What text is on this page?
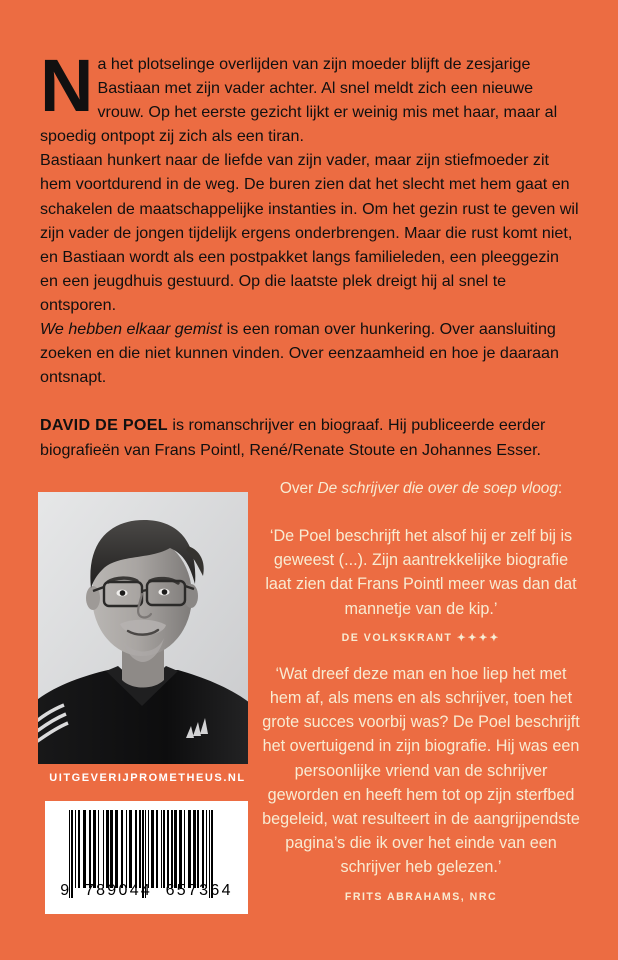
N a het plotselinge overlijden van zijn moeder blijft de zesjarige Bastiaan met zijn vader achter. Al snel meldt zich een nieuwe vrouw. Op het eerste gezicht lijkt er weinig mis met haar, maar al spoedig ontpopt zij zich als een tiran.

Bastiaan hunkert naar de liefde van zijn vader, maar zijn stiefmoeder zit hem voortdurend in de weg. De buren zien dat het slecht met hem gaat en schakelen de maatschappelijke instanties in. Om het gezin rust te geven wil zijn vader de jongen tijdelijk ergens onderbrengen. Maar die rust komt niet, en Bastiaan wordt als een postpakket langs familieleden, een pleeggezin en een jeugdhuis gestuurd. Op die laatste plek dreigt hij al snel te ontsporen.

We hebben elkaar gemist is een roman over hunkering. Over aansluiting zoeken en die niet kunnen vinden. Over eenzaamheid en hoe je daaraan ontsnapt.

DAVID DE POEL is romanschrijver en biograaf. Hij publiceerde eerder biografieën van Frans Pointl, René/Renate Stoute en Johannes Esser.

UITGEVERIJPROMETHEUS.NL
9  789044  657364
Over De schrijver die over de soep vloog:
‘De Poel beschrijft het alsof hij er zelf bij is geweest (...). Zijn aantrekkelijke biografie laat zien dat Frans Pointl meer was dan dat mannetje van de kip.’
DE VOLKSKRANT ✦✦✦✦
‘Wat dreef deze man en hoe liep het met hem af, als mens en als schrijver, toen het grote succes voorbij was? De Poel beschrijft het overtuigend in zijn biografie. Hij was een persoonlijke vriend van de schrijver geworden en heeft hem tot op zijn sterfbed begeleid, wat resulteert in de aangrijpendste pagina’s die ik over het einde van een schrijver heb gelezen.’
FRITS ABRAHAMS, NRC
